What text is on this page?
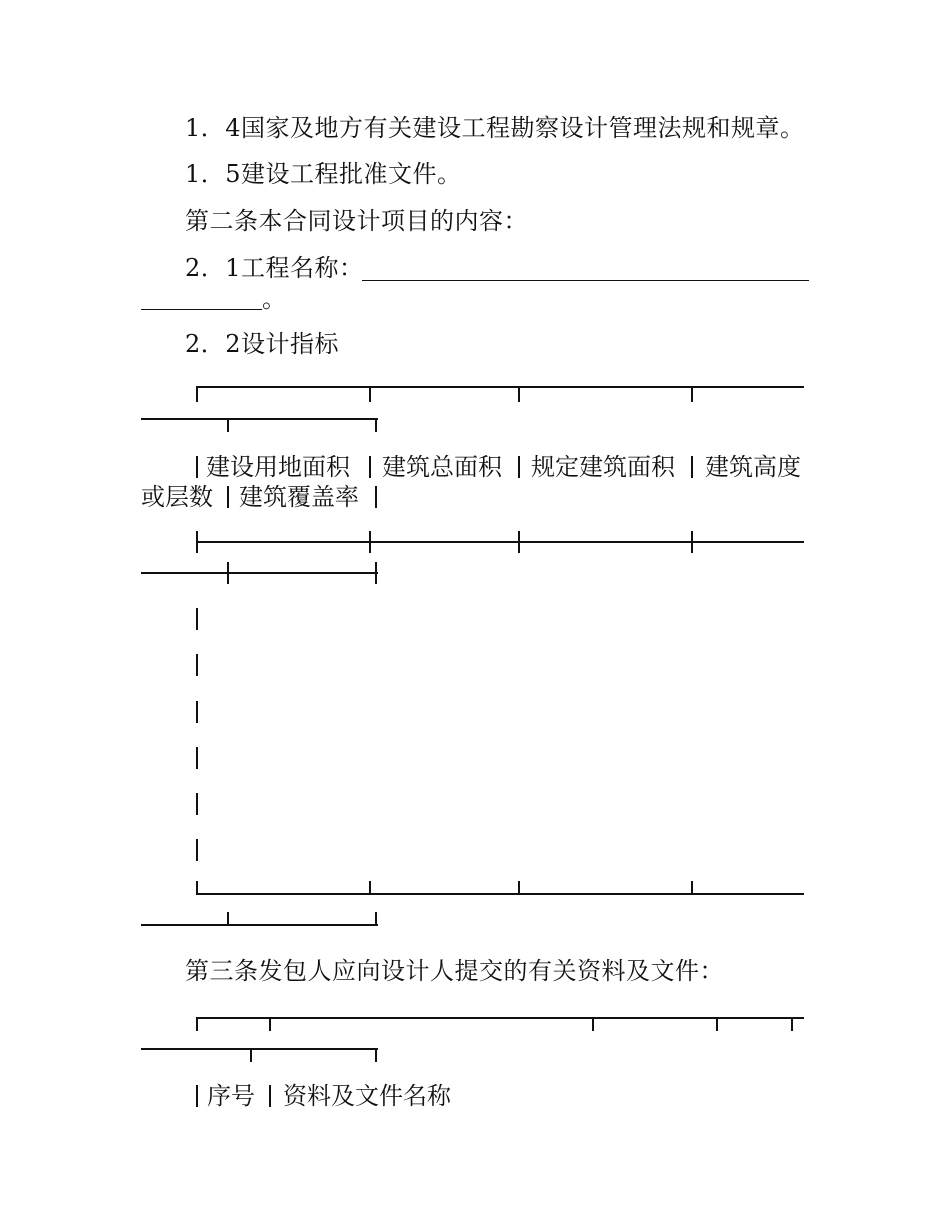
1．4国家及地方有关建设工程勘察设计管理法规和规章。
1．5建设工程批准文件。
第二条本合同设计项目的内容：
2．1工程名称：
。
2．2设计指标
建设用地面积 建筑总面积 规定建筑面积 建筑高度
或层数 建筑覆盖率
第三条发包人应向设计人提交的有关资料及文件：
序号 资料及文件名称
